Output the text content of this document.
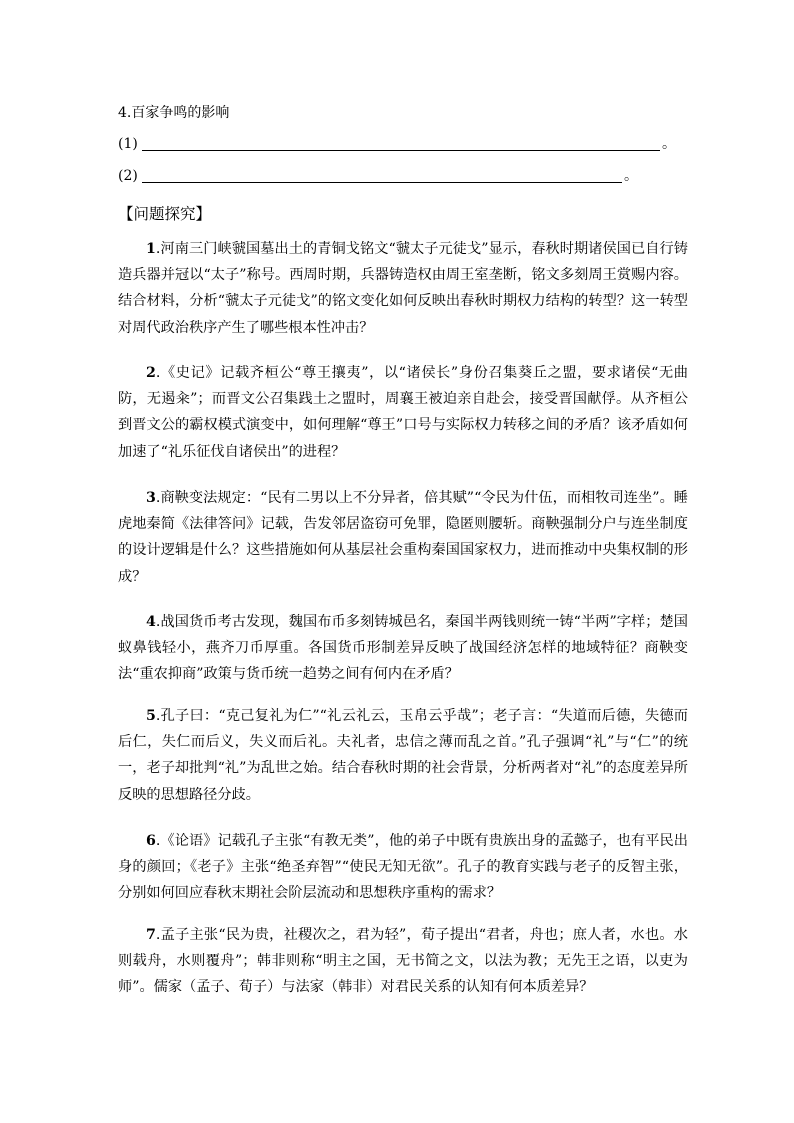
4.百家争鸣的影响
(1)	。
(2)	。
【问题探究】

1.河南三门峡虢国墓出土的青铜戈铭文“虢太子元徒戈”显示，春秋时期诸侯国已自行铸造兵器并冠以“太子”称号。西周时期，兵器铸造权由周王室垄断，铭文多刻周王赏赐内容。结合材料，分析“虢太子元徒戈”的铭文变化如何反映出春秋时期权力结构的转型？这一转型对周代政治秩序产生了哪些根本性冲击？

2.《史记》记载齐桓公“尊王攘夷”，以“诸侯长”身份召集葵丘之盟，要求诸侯“无曲防，无遏籴”；而晋文公召集践土之盟时，周襄王被迫亲自赴会，接受晋国献俘。从齐桓公到晋文公的霸权模式演变中，如何理解“尊王”口号与实际权力转移之间的矛盾？该矛盾如何加速了“礼乐征伐自诸侯出”的进程？

3.商鞅变法规定：“民有二男以上不分异者，倍其赋”“令民为什伍，而相牧司连坐”。睡虎地秦简《法律答问》记载，告发邻居盗窃可免罪，隐匿则腰斩。商鞅强制分户与连坐制度的设计逻辑是什么？这些措施如何从基层社会重构秦国国家权力，进而推动中央集权制的形成？

4.战国货币考古发现，魏国布币多刻铸城邑名，秦国半两钱则统一铸“半两”字样；楚国蚁鼻钱轻小，燕齐刀币厚重。各国货币形制差异反映了战国经济怎样的地域特征？商鞅变法“重农抑商”政策与货币统一趋势之间有何内在矛盾？

5.孔子曰：“克己复礼为仁”“礼云礼云，玉帛云乎哉”；老子言：“失道而后德，失德而后仁，失仁而后义，失义而后礼。夫礼者，忠信之薄而乱之首。”孔子强调“礼”与“仁”的统一，老子却批判“礼”为乱世之始。结合春秋时期的社会背景，分析两者对“礼”的态度差异所反映的思想路径分歧。

6.《论语》记载孔子主张“有教无类”，他的弟子中既有贵族出身的孟懿子，也有平民出身的颜回；《老子》主张“绝圣弃智”“使民无知无欲”。孔子的教育实践与老子的反智主张，分别如何回应春秋末期社会阶层流动和思想秩序重构的需求？

7.孟子主张“民为贵，社稷次之，君为轻”，荀子提出“君者，舟也；庶人者，水也。水则载舟，水则覆舟”；韩非则称“明主之国，无书简之文，以法为教；无先王之语，以吏为师”。儒家（孟子、荀子）与法家（韩非）对君民关系的认知有何本质差异？
